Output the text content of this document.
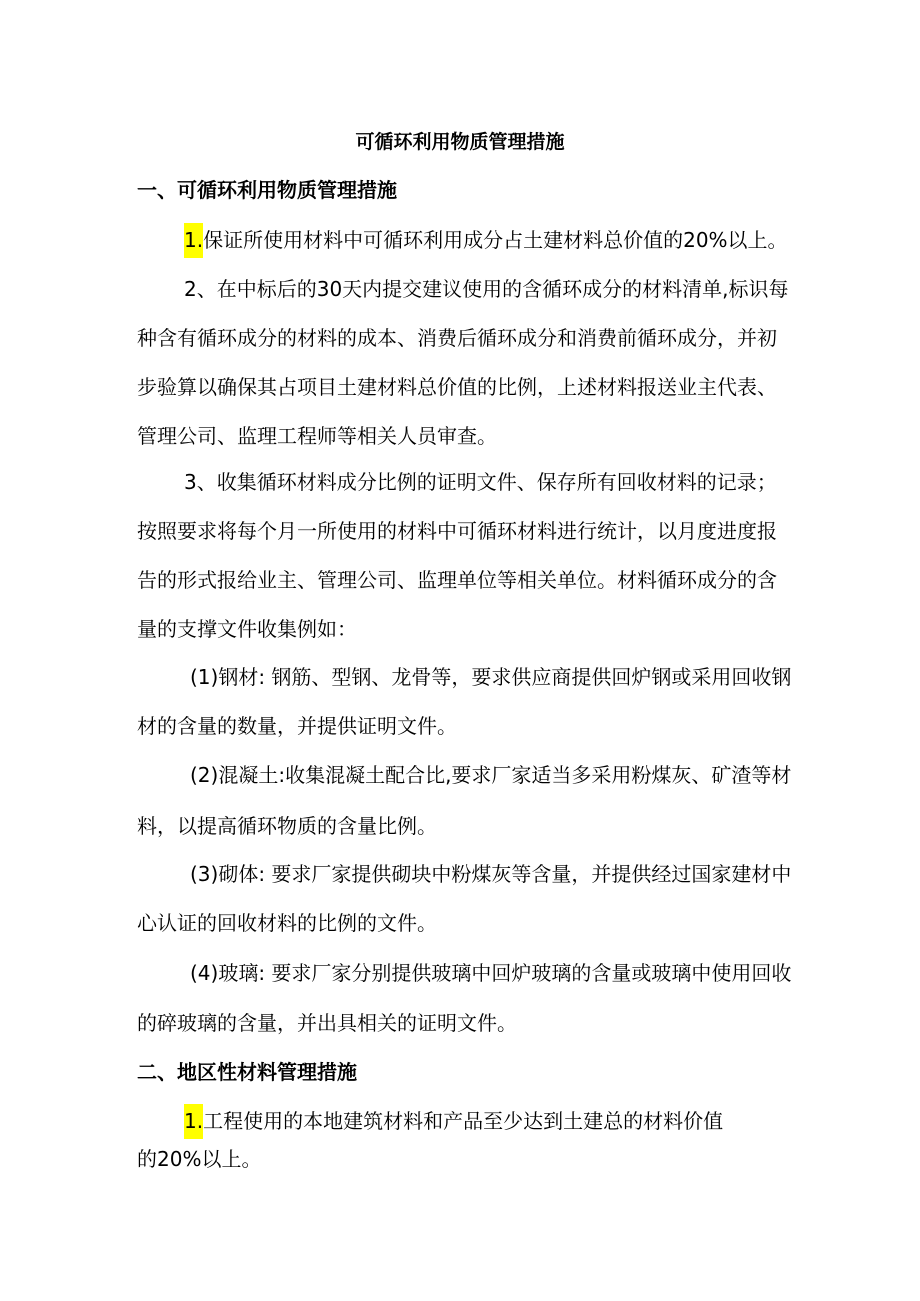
可循环利用物质管理措施
一、可循环利用物质管理措施
1.保证所使用材料中可循环利用成分占土建材料总价值的20%以上。
2、在中标后的30天内提交建议使用的含循环成分的材料清单,标识每
种含有循环成分的材料的成本、消费后循环成分和消费前循环成分，并初
步验算以确保其占项目土建材料总价值的比例，上述材料报送业主代表、
管理公司、监理工程师等相关人员审查。
3、收集循环材料成分比例的证明文件、保存所有回收材料的记录；
按照要求将每个月一所使用的材料中可循环材料进行统计，以月度进度报
告的形式报给业主、管理公司、监理单位等相关单位。材料循环成分的含
量的支撑文件收集例如：
(1)钢材: 钢筋、型钢、龙骨等，要求供应商提供回炉钢或采用回收钢
材的含量的数量，并提供证明文件。
(2)混凝土:收集混凝土配合比,要求厂家适当多采用粉煤灰、矿渣等材
料，以提高循环物质的含量比例。
(3)砌体: 要求厂家提供砌块中粉煤灰等含量，并提供经过国家建材中
心认证的回收材料的比例的文件。
(4)玻璃: 要求厂家分别提供玻璃中回炉玻璃的含量或玻璃中使用回收
的碎玻璃的含量，并出具相关的证明文件。
二、地区性材料管理措施
1.工程使用的本地建筑材料和产品至少达到土建总的材料价值
的20%以上。
